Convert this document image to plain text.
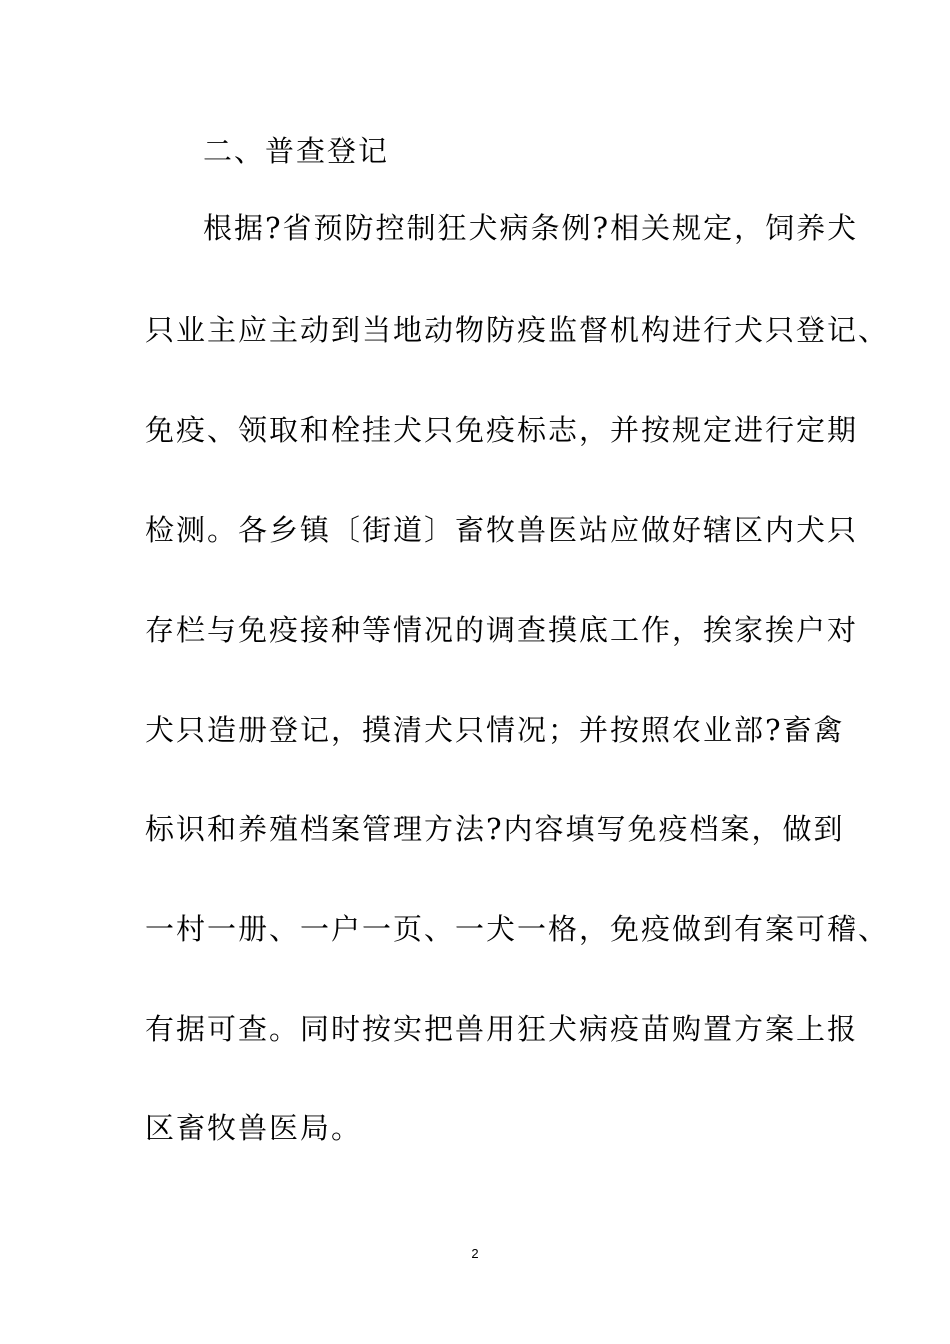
二、普查登记
根据?省预防控制狂犬病条例?相关规定，饲养犬
只业主应主动到当地动物防疫监督机构进行犬只登记、
免疫、领取和栓挂犬只免疫标志，并按规定进行定期
检测。各乡镇〔街道〕畜牧兽医站应做好辖区内犬只
存栏与免疫接种等情况的调查摸底工作，挨家挨户对
犬只造册登记，摸清犬只情况；并按照农业部?畜禽
标识和养殖档案管理方法?内容填写免疫档案，做到
一村一册、一户一页、一犬一格，免疫做到有案可稽、
有据可查。同时按实把兽用狂犬病疫苗购置方案上报
区畜牧兽医局。
2
